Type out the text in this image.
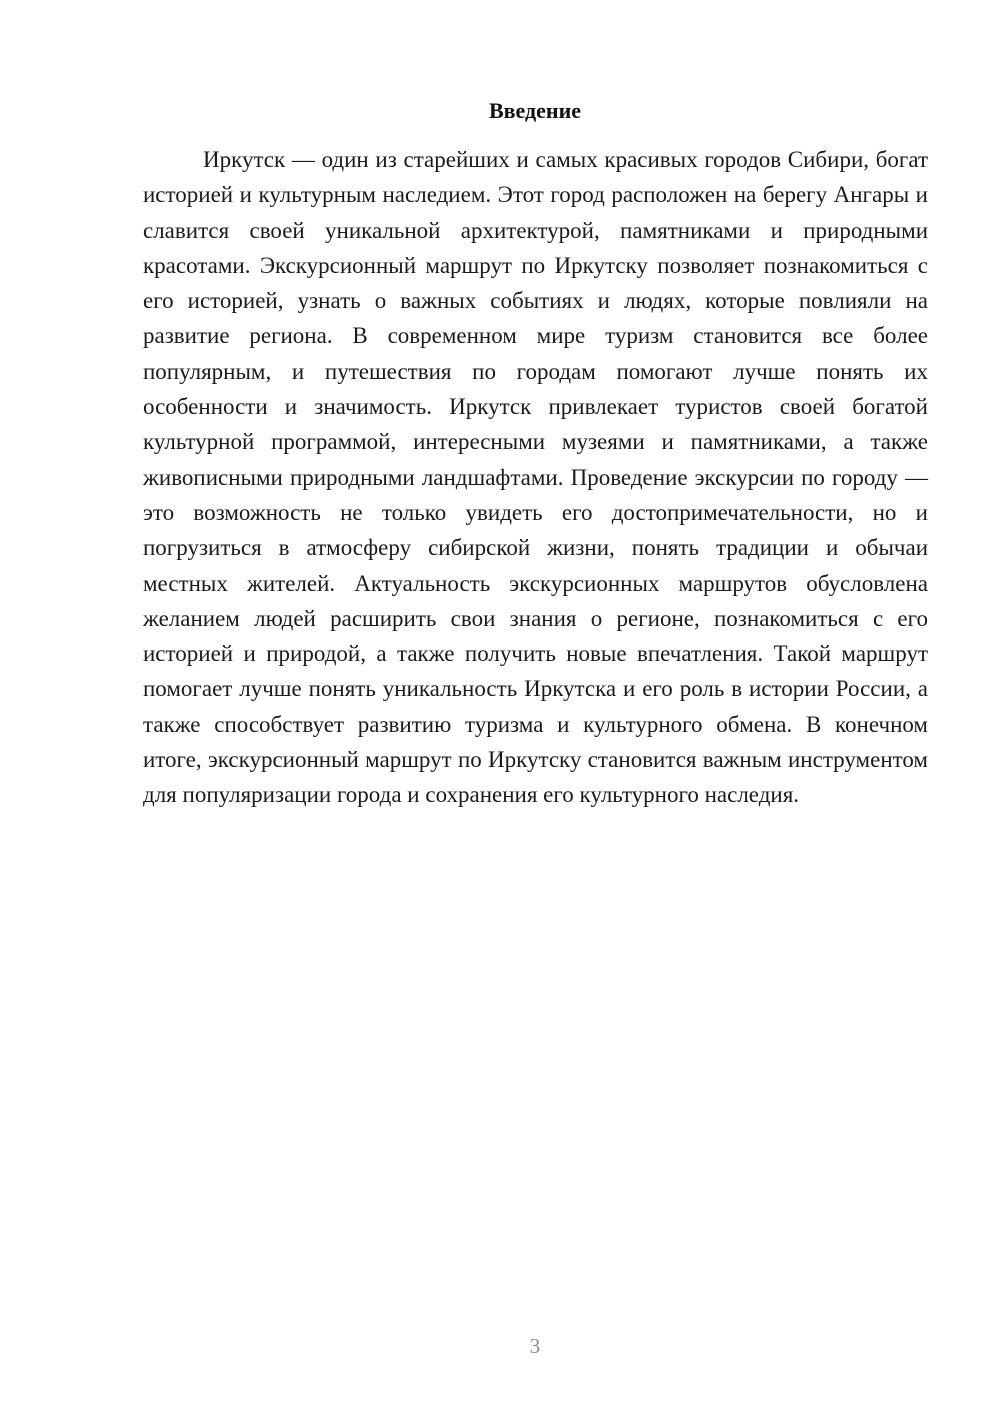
Введение

Иркутск — один из старейших и самых красивых городов Сибири, богат историей и культурным наследием. Этот город расположен на берегу Ангары и славится своей уникальной архитектурой, памятниками и природными красотами. Экскурсионный маршрут по Иркутску позволяет познакомиться с его историей, узнать о важных событиях и людях, которые повлияли на развитие региона. В современном мире туризм становится все более популярным, и путешествия по городам помогают лучше понять их особенности и значимость. Иркутск привлекает туристов своей богатой культурной программой, интересными музеями и памятниками, а также живописными природными ландшафтами. Проведение экскурсии по городу — это возможность не только увидеть его достопримечательности, но и погрузиться в атмосферу сибирской жизни, понять традиции и обычаи местных жителей. Актуальность экскурсионных маршрутов обусловлена желанием людей расширить свои знания о регионе, познакомиться с его историей и природой, а также получить новые впечатления. Такой маршрут помогает лучше понять уникальность Иркутска и его роль в истории России, а также способствует развитию туризма и культурного обмена. В конечном итоге, экскурсионный маршрут по Иркутску становится важным инструментом для популяризации города и сохранения его культурного наследия.

3
